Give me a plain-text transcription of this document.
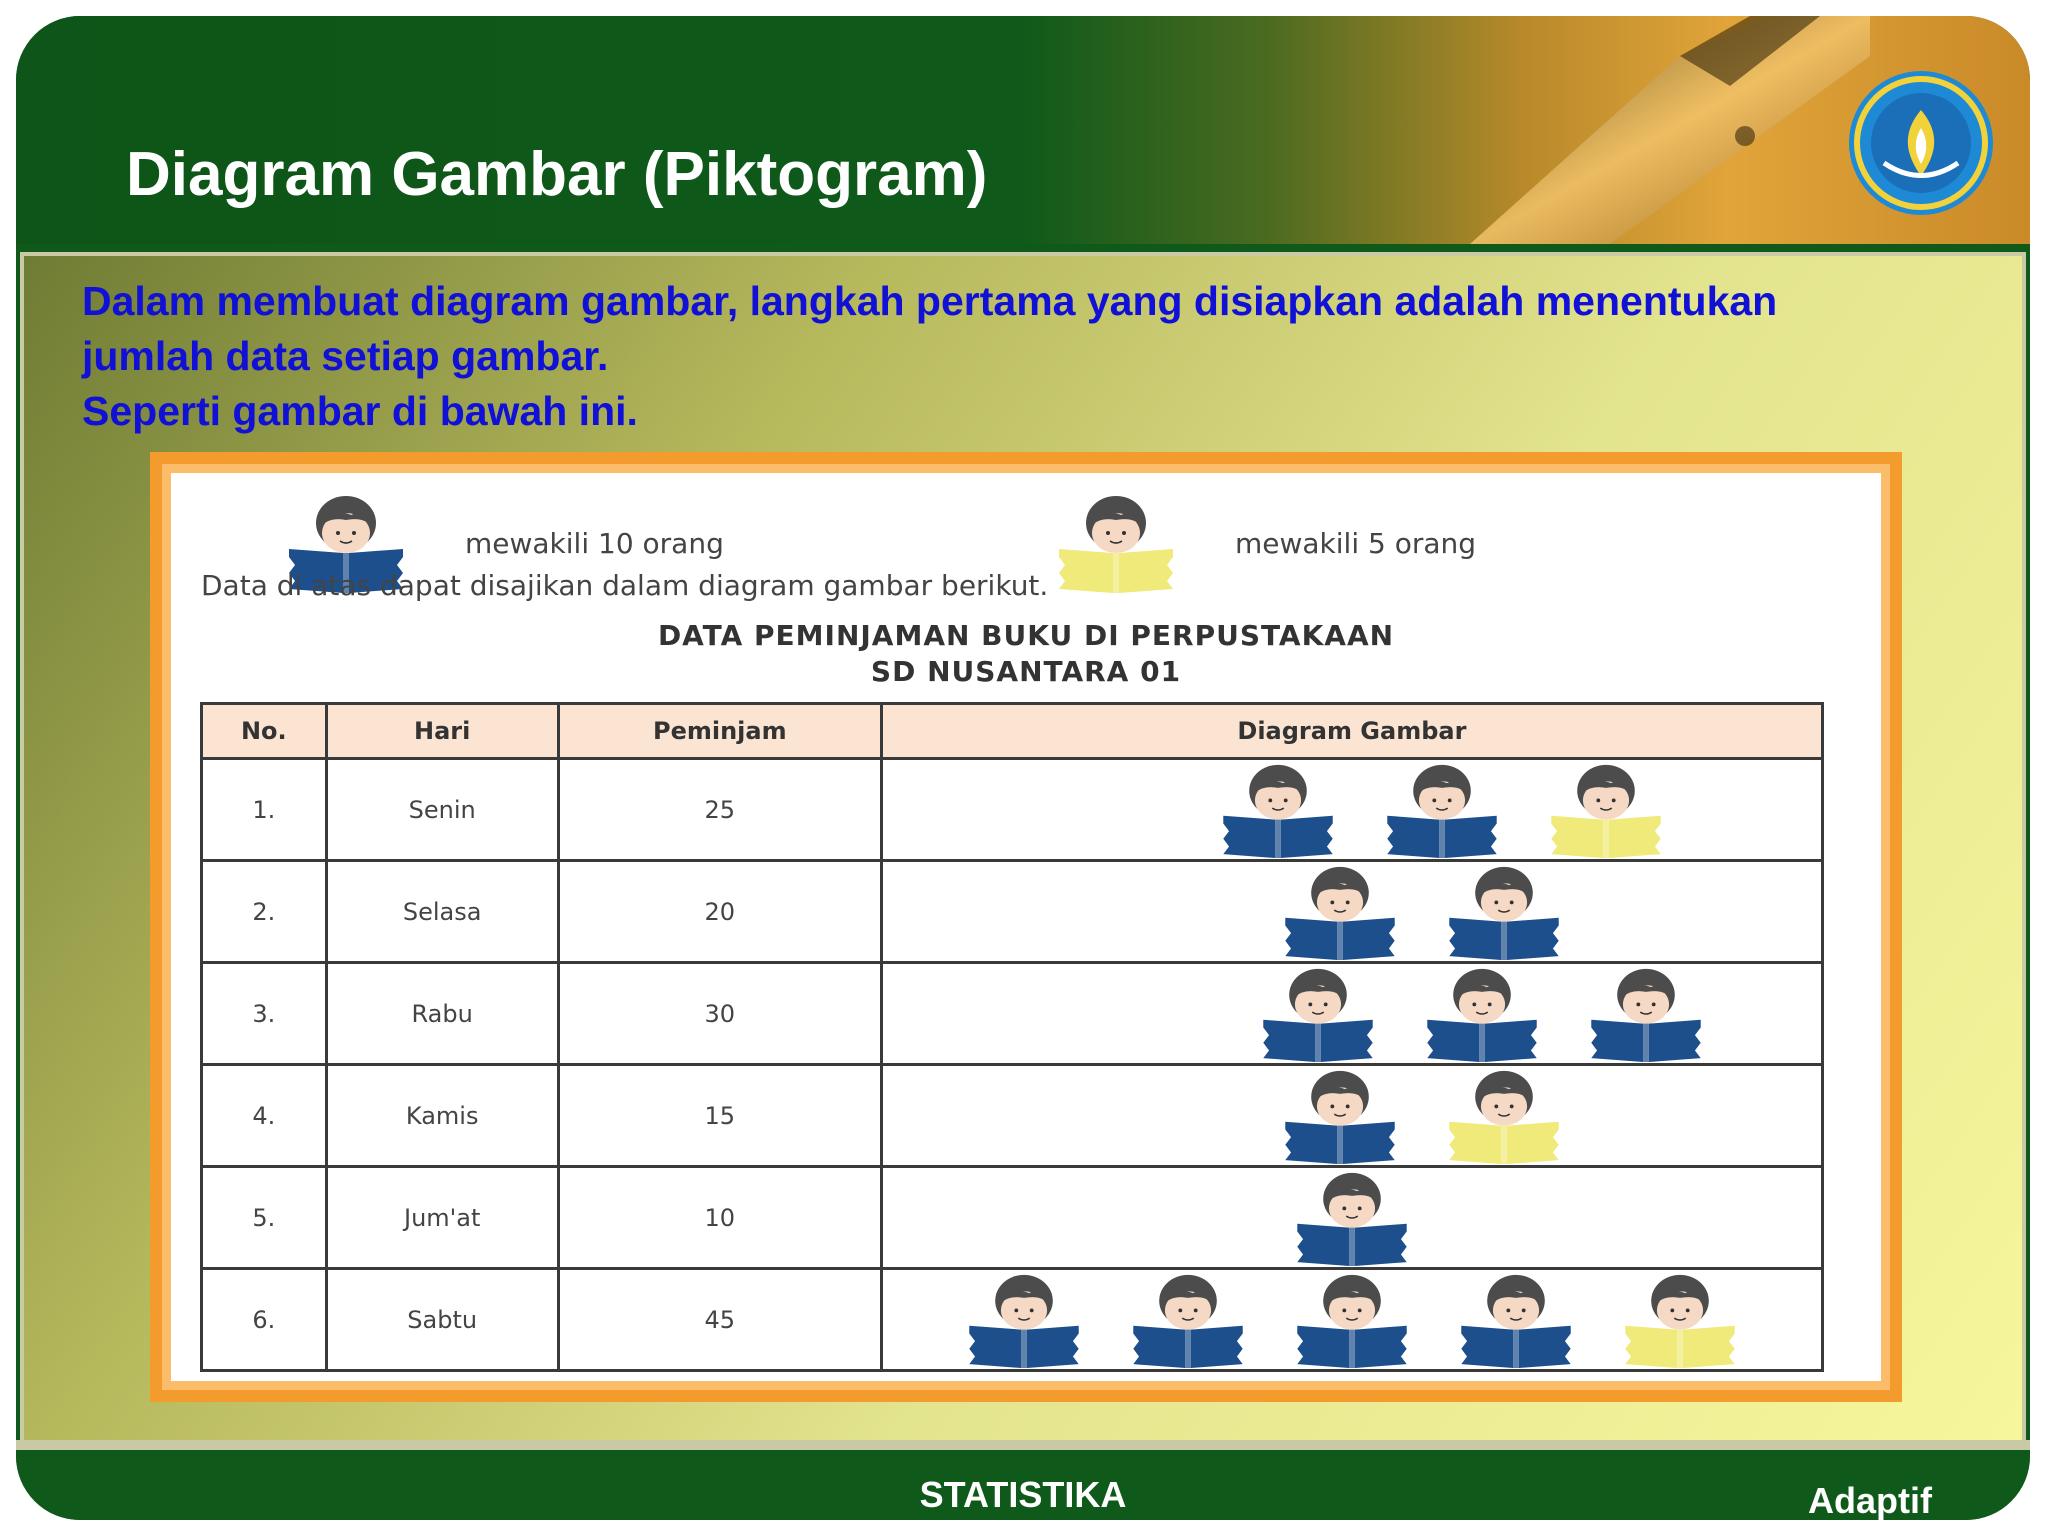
Diagram Gambar (Piktogram)
Dalam membuat diagram gambar, langkah pertama yang disiapkan adalah menentukan
jumlah data setiap gambar.
Seperti gambar di bawah ini.
mewakili 10 orang	mewakili 5 orang
Data di atas dapat disajikan dalam diagram gambar berikut.
DATA PEMINJAMAN BUKU DI PERPUSTAKAAN
SD NUSANTARA 01
No.	Hari	Peminjam	Diagram Gambar
1.	Senin	25	

2.	Selasa	20	

3.	Rabu	30	

4.	Kamis	15	

5.	Jum'at	10	

6.	Sabtu	45	
STATISTIKA	Adaptif
